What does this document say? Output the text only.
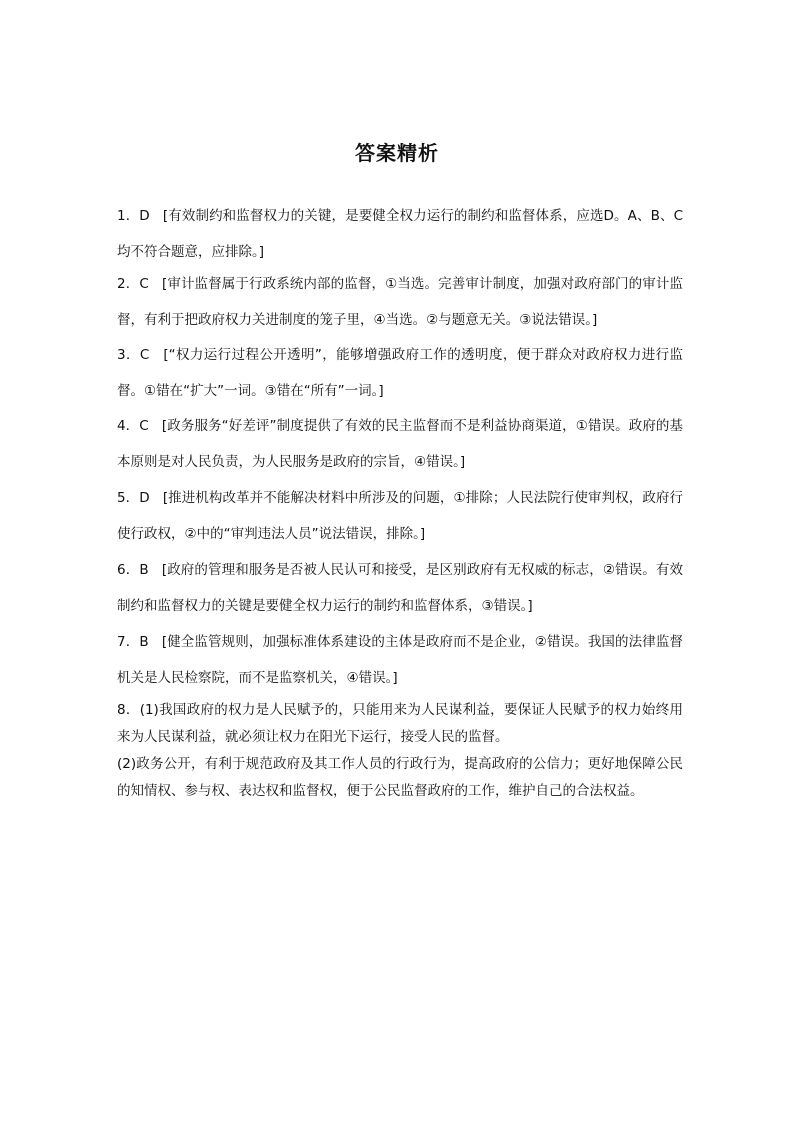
答案精析
1．D [有效制约和监督权力的关键，是要健全权力运行的制约和监督体系，应选D。A、B、C均不符合题意，应排除。]
2．C [审计监督属于行政系统内部的监督，①当选。完善审计制度，加强对政府部门的审计监督，有利于把政府权力关进制度的笼子里，④当选。②与题意无关。③说法错误。]
3．C [“权力运行过程公开透明”，能够增强政府工作的透明度，便于群众对政府权力进行监督。①错在“扩大”一词。③错在“所有”一词。]
4．C [政务服务“好差评”制度提供了有效的民主监督而不是利益协商渠道，①错误。政府的基本原则是对人民负责，为人民服务是政府的宗旨，④错误。]
5．D [推进机构改革并不能解决材料中所涉及的问题，①排除；人民法院行使审判权，政府行使行政权，②中的“审判违法人员”说法错误，排除。]
6．B [政府的管理和服务是否被人民认可和接受，是区别政府有无权威的标志，②错误。有效制约和监督权力的关键是要健全权力运行的制约和监督体系，③错误。]
7．B [健全监管规则，加强标准体系建设的主体是政府而不是企业，②错误。我国的法律监督机关是人民检察院，而不是监察机关，④错误。]
8．(1)我国政府的权力是人民赋予的，只能用来为人民谋利益，要保证人民赋予的权力始终用来为人民谋利益，就必须让权力在阳光下运行，接受人民的监督。
(2)政务公开，有利于规范政府及其工作人员的行政行为，提高政府的公信力；更好地保障公民的知情权、参与权、表达权和监督权，便于公民监督政府的工作，维护自己的合法权益。
